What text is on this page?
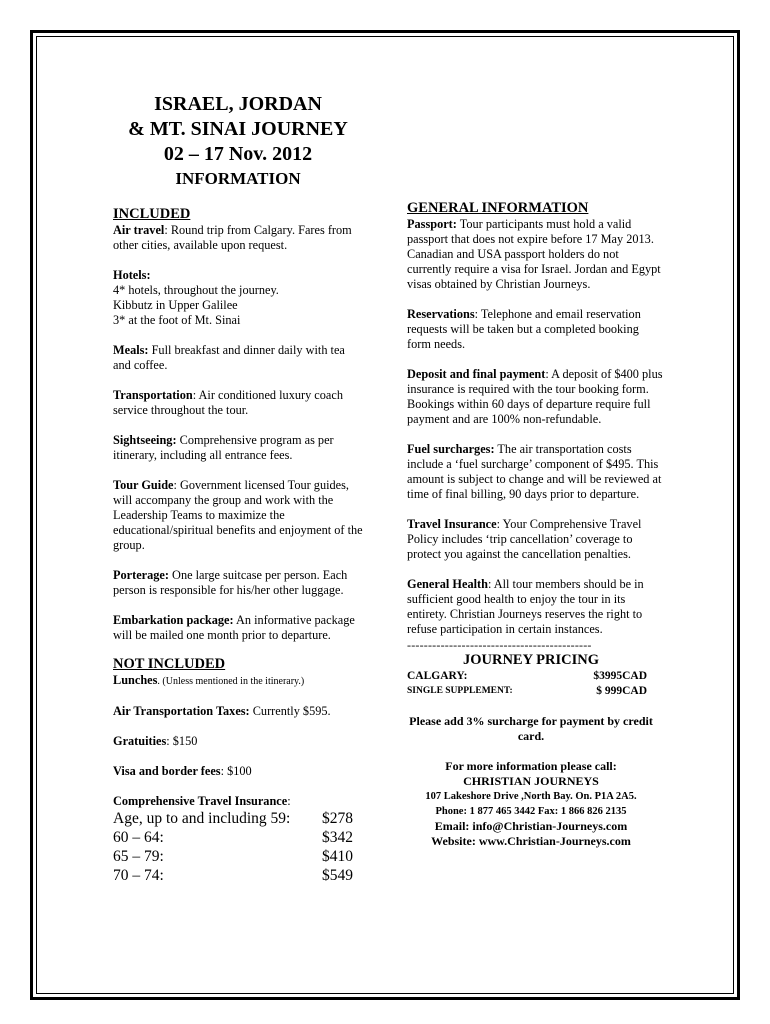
ISRAEL, JORDAN
& MT. SINAI JOURNEY
02 – 17 Nov. 2012
INFORMATION
INCLUDED
Air travel: Round trip from Calgary. Fares from other cities, available upon request.
Hotels:
4* hotels, throughout the journey.
Kibbutz in Upper Galilee
3* at the foot of Mt. Sinai
Meals: Full breakfast and dinner daily with tea and coffee.
Transportation: Air conditioned luxury coach service throughout the tour.
Sightseeing: Comprehensive program as per itinerary, including all entrance fees.
Tour Guide: Government licensed Tour guides, will accompany the group and work with the Leadership Teams to maximize the educational/spiritual benefits and enjoyment of the group.
Porterage: One large suitcase per person. Each person is responsible for his/her other luggage.
Embarkation package: An informative package will be mailed one month prior to departure.
NOT INCLUDED
Lunches. (Unless mentioned in the itinerary.)
Air Transportation Taxes: Currently $595.
Gratuities: $150
Visa and border fees: $100
Comprehensive Travel Insurance:
Age, up to and including 59: $278
60 – 64:	$342
65 – 79:	$410
70 – 74:	$549
GENERAL INFORMATION
Passport: Tour participants must hold a valid passport that does not expire before 17 May 2013. Canadian and USA passport holders do not currently require a visa for Israel. Jordan and Egypt visas obtained by Christian Journeys.
Reservations: Telephone and email reservation requests will be taken but a completed booking form needs.
Deposit and final payment: A deposit of $400 plus insurance is required with the tour booking form. Bookings within 60 days of departure require full payment and are 100% non-refundable.
Fuel surcharges: The air transportation costs include a ‘fuel surcharge’ component of $495. This amount is subject to change and will be reviewed at time of final billing, 90 days prior to departure.
Travel Insurance: Your Comprehensive Travel Policy includes ‘trip cancellation’ coverage to protect you against the cancellation penalties.
General Health: All tour members should be in sufficient good health to enjoy the tour in its entirety. Christian Journeys reserves the right to refuse participation in certain instances.
--------------------------------------------
JOURNEY PRICING
CALGARY:	$3995CAD
SINGLE SUPPLEMENT:	$ 999CAD
Please add 3% surcharge for payment by credit card.
For more information please call:
CHRISTIAN JOURNEYS
107 Lakeshore Drive ,North Bay. On. P1A 2A5.
Phone: 1 877 465 3442 Fax: 1 866 826 2135
Email: info@Christian-Journeys.com
Website: www.Christian-Journeys.com
